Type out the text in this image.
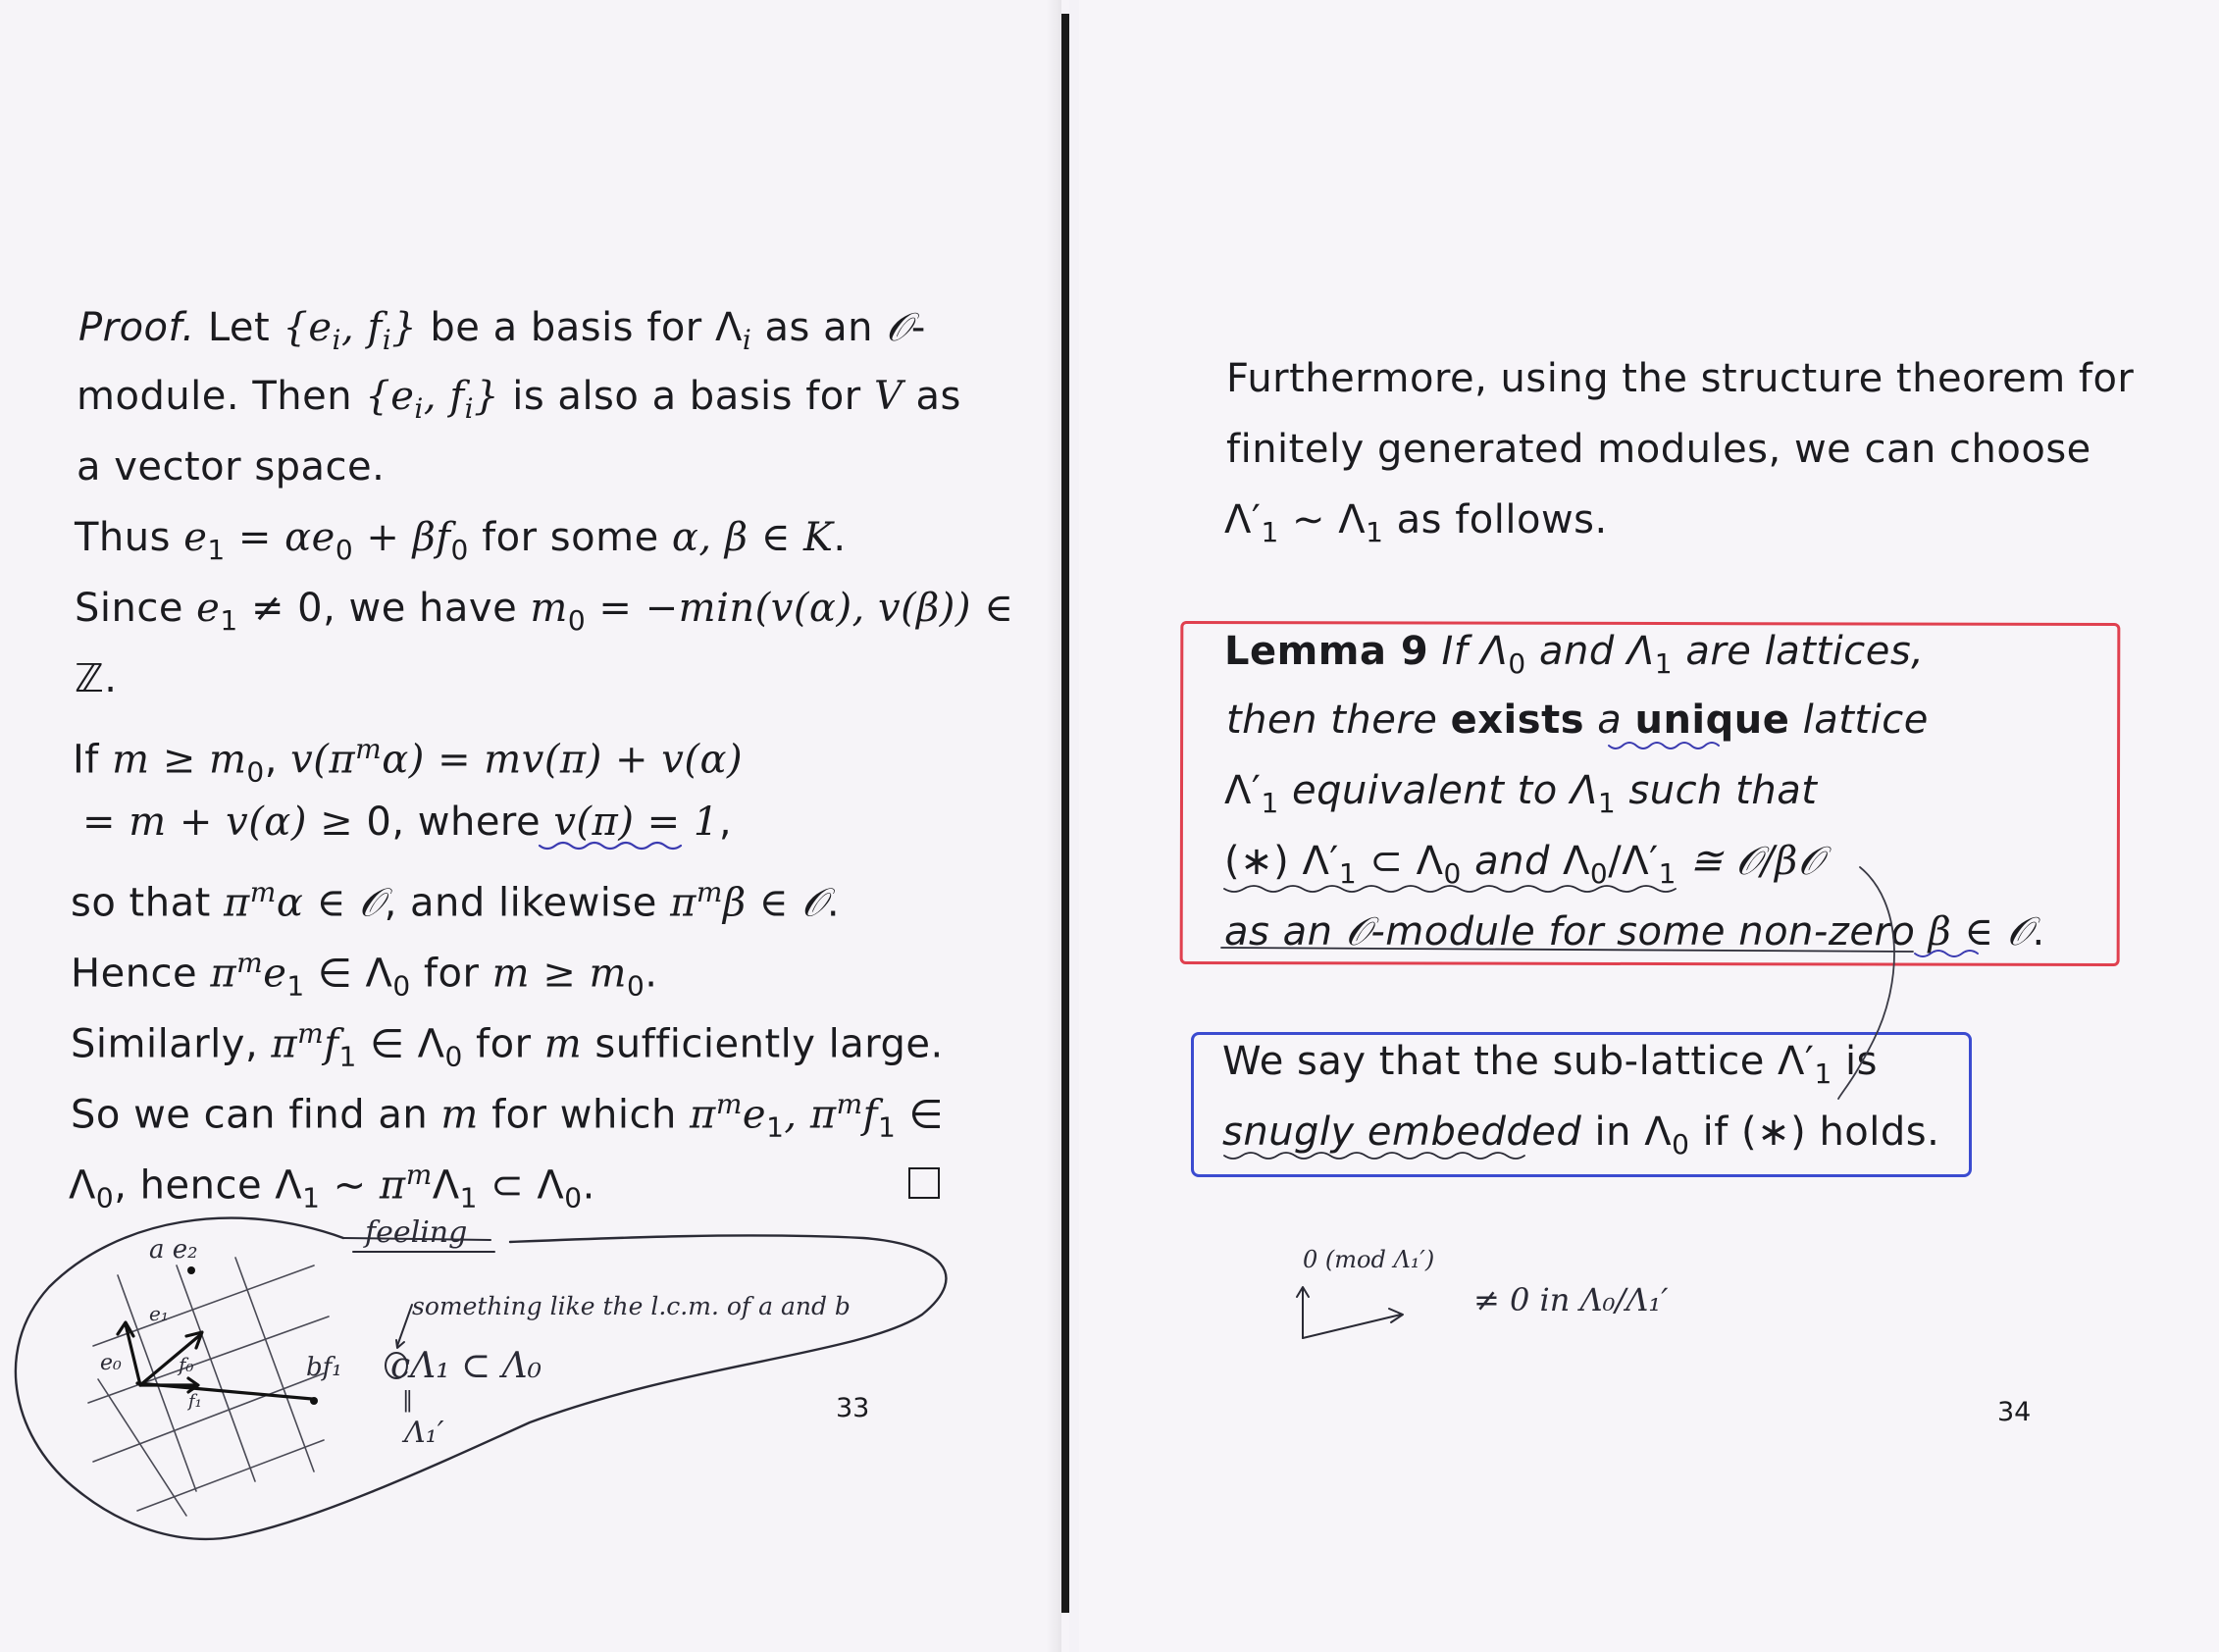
Proof. Let {$e_i$, $f_i$} be a basis for $\Lambda_i$ as an 𝒪-
module. Then {$e_i$, $f_i$} is also a basis for V as
a vector space.
Thus $e_1 = \alpha e_0 + \beta f_0$ for some α, β ∈ K.
Since $e_1 \ne 0$, we have $m_0 = -\min(v(\alpha)$, v(β)) ∈
ℤ.
If $m \ge m_0$, $v(\pi^m\alpha) = mv(\pi) + v(\alpha)$
= m + v(α) ≥ 0, where v(π) = 1,
so that $\pi^m\alpha$ ∈ 𝒪, and likewise $\pi^m\beta$ ∈ 𝒪.
Hence $\pi^me_1$ ∈ $\Lambda_0$ for $m \ge m_0$.
Similarly, $\pi^mf_1$ ∈ $\Lambda_0$ for m sufficiently large.
So we can find an m for which $\pi^me_1$, $\pi^mf_1$ ∈
$\Lambda_0$, hence $\Lambda_1$ ∼ $\pi^m\Lambda_1$ ⊂ $\Lambda_0$.
33
Furthermore, using the structure theorem for
finitely generated modules, we can choose
$\Lambda'_1$ ∼ $\Lambda_1$ as follows.
Lemma 9 If $\Lambda_0$ and $\Lambda_1$ are lattices,
then there exists a unique lattice
$\Lambda'_1$ equivalent to $\Lambda_1$ such that
(∗) $\Lambda'_1$ ⊂ $\Lambda_0$ and $\Lambda_0/\Lambda'_1$ ≅ 𝒪/β𝒪
as an 𝒪-module for some non-zero β ∈ 𝒪.
We say that the sub-lattice $\Lambda'_1$ is
snugly embedded in $\Lambda_0$ if (∗) holds.
34
feeling
something like the l.c.m. of a and b
a e₂
e₁
e₀	f₀
f₁
bf₁ cΛ₁ ⊂ Λ₀
‖
Λ₁′
0 (mod Λ₁′)
≠ 0 in Λ₀/Λ₁′
